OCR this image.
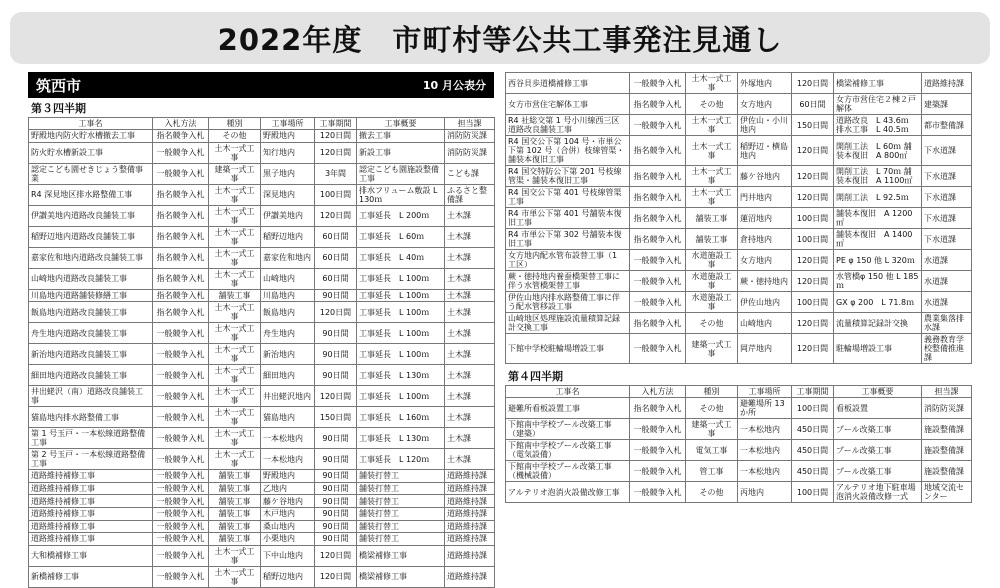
2022年度　市町村等公共工事発注見通し
筑西市	10 月公表分
第３四半期
工事名	入札方法	種別	工事場所	工事期間	工事概要	担当課
野殿地内防火貯水槽撤去工事	指名競争入札	その他	野殿地内	120日間	撤去工事	消防防災課
防火貯水槽新設工事	一般競争入札	土木一式工事	知行地内	120日間	新設工事	消防防災課
認定こども園せきじょう整備事業	一般競争入札	建築一式工事	黒子地内	3年間	認定こども園施設整備工事	こども課
R4 深見地区排水路整備工事	指名競争入札	土木一式工事	深見地内	100日間	排水フリューム敷設 L 130ｍ	ふるさと整備課
伊讃美地内道路改良舗装工事	指名競争入札	土木一式工事	伊讃美地内	120日間	工事延長　L 200ｍ	土木課
稲野辺地内道路改良舗装工事	指名競争入札	土木一式工事	稲野辺地内	60日間	工事延長　L 60ｍ	土木課
嘉家佐和地内道路改良舗装工事	指名競争入札	土木一式工事	嘉家佐和地内	60日間	工事延長　L 40ｍ	土木課
山崎地内道路改良舗装工事	指名競争入札	土木一式工事	山崎地内	60日間	工事延長　L 100ｍ	土木課
川島地内道路舗装修繕工事	指名競争入札	舗装工事	川島地内	90日間	工事延長　L 100ｍ	土木課
飯島地内道路改良舗装工事	指名競争入札	土木一式工事	飯島地内	120日間	工事延長　L 100ｍ	土木課
舟生地内道路改良舗装工事	一般競争入札	土木一式工事	舟生地内	90日間	工事延長　L 100ｍ	土木課
新治地内道路改良舗装工事	一般競争入札	土木一式工事	新治地内	90日間	工事延長　L 100ｍ	土木課
細田地内道路改良舗装工事	一般競争入札	土木一式工事	細田地内	90日間	工事延長　L 130ｍ	土木課
井出蛯沢（南）道路改良舗装工事	一般競争入札	土木一式工事	井出蛯沢地内	120日間	工事延長　L 100ｍ	土木課
猫島地内排水路整備工事	一般競争入札	土木一式工事	猫島地内	150日間	工事延長　L 160ｍ	土木課
第 1 号玉戸・一本松線道路整備工事	一般競争入札	土木一式工事	一本松地内	90日間	工事延長　L 130ｍ	土木課
第 2 号玉戸・一本松線道路整備工事	一般競争入札	土木一式工事	一本松地内	90日間	工事延長　L 120ｍ	土木課
道路維持補修工事	一般競争入札	舗装工事	野殿地内	90日間	舗装打替工	道路維持課
道路維持補修工事	一般競争入札	舗装工事	乙地内	90日間	舗装打替工	道路維持課
道路維持補修工事	一般競争入札	舗装工事	藤ケ谷地内	90日間	舗装打替工	道路維持課
道路維持補修工事	一般競争入札	舗装工事	木戸地内	90日間	舗装打替工	道路維持課
道路維持補修工事	一般競争入札	舗装工事	桑山地内	90日間	舗装打替工	道路維持課
道路維持補修工事	一般競争入札	舗装工事	小栗地内	90日間	舗装打替工	道路維持課
大和橋補修工事	一般競争入札	土木一式工事	下中山地内	120日間	橋梁補修工事	道路維持課
新橋補修工事	一般競争入札	土木一式工事	稲野辺地内	120日間	橋梁補修工事	道路維持課
西谷貝歩道橋補修工事	一般競争入札	土木一式工事	外塚地内	120日間	橋梁補修工事	道路維持課
女方市営住宅解体工事	指名競争入札	その他	女方地内	60日間	女方市営住宅２棟２戸解体	建築課
R4 社総交第 1 号小川線西三区道路改良舗装工事	一般競争入札	土木一式工事	伊佐山・小川地内	150日間	道路改良　L 43.6ｍ 排水工事　L 40.5ｍ	都市整備課
R4 国交公下第 104 号・市単公下第 102 号（合併）枝線管渠・舗装本復旧工事	指名競争入札	土木一式工事	稲野辺・横島地内	120日間	開削工法　L 60ｍ 舗装本復旧　A 800㎡	下水道課
R4 国交特防公下第 201 号枝線管渠・舗装本復旧工事	指名競争入札	土木一式工事	藤ケ谷地内	120日間	開削工法　L 70ｍ 舗装本復旧　A 1100㎡	下水道課
R4 国交公下第 401 号枝線管渠工事	指名競争入札	土木一式工事	門井地内	120日間	開削工法　L 92.5ｍ	下水道課
R4 市単公下第 401 号舗装本復旧工事	指名競争入札	舗装工事	蓮沼地内	100日間	舗装本復旧　A 1200㎡	下水道課
R4 市単公下第 302 号舗装本復旧工事	指名競争入札	舗装工事	倉持地内	100日間	舗装本復旧　A 1400㎡	下水道課
女方地内配水管布設替工事（1 工区）	一般競争入札	水道施設工事	女方地内	120日間	PE φ 150 他 L 320ｍ	水道課
蕨・徳持地内養蚕橋架替工事に伴う水管橋架替工事	一般競争入札	水道施設工事	蕨・徳持地内	120日間	水管橋φ 150 他 L 185ｍ	水道課
伊佐山地内排水路整備工事に伴う配水管移設工事	一般競争入札	水道施設工事	伊佐山地内	100日間	GX φ 200　L 71.8ｍ	水道課
山崎地区処理施設流量積算記録計交換工事	指名競争入札	その他	山崎地内	120日間	流量積算記録計交換	農業集落排水課
下館中学校駐輪場増設工事	一般競争入札	建築一式工事	岡芹地内	120日間	駐輪場増設工事	義務教育学校整備推進課
第４四半期
工事名	入札方法	種別	工事場所	工事期間	工事概要	担当課
避難所看板設置工事	指名競争入札	その他	避難場所 13 か所	100日間	看板設置	消防防災課
下館南中学校プール改築工事（建築）	一般競争入札	建築一式工事	一本松地内	450日間	プール改築工事	施設整備課
下館南中学校プール改築工事（電気設備）	一般競争入札	電気工事	一本松地内	450日間	プール改築工事	施設整備課
下館南中学校プール改築工事（機械設備）	一般競争入札	管工事	一本松地内	450日間	プール改築工事	施設整備課
アルテリオ泡消火設備改修工事	一般競争入札	その他	丙地内	100日間	アルテリオ地下駐車場泡消火設備改修一式	地域交流センター
